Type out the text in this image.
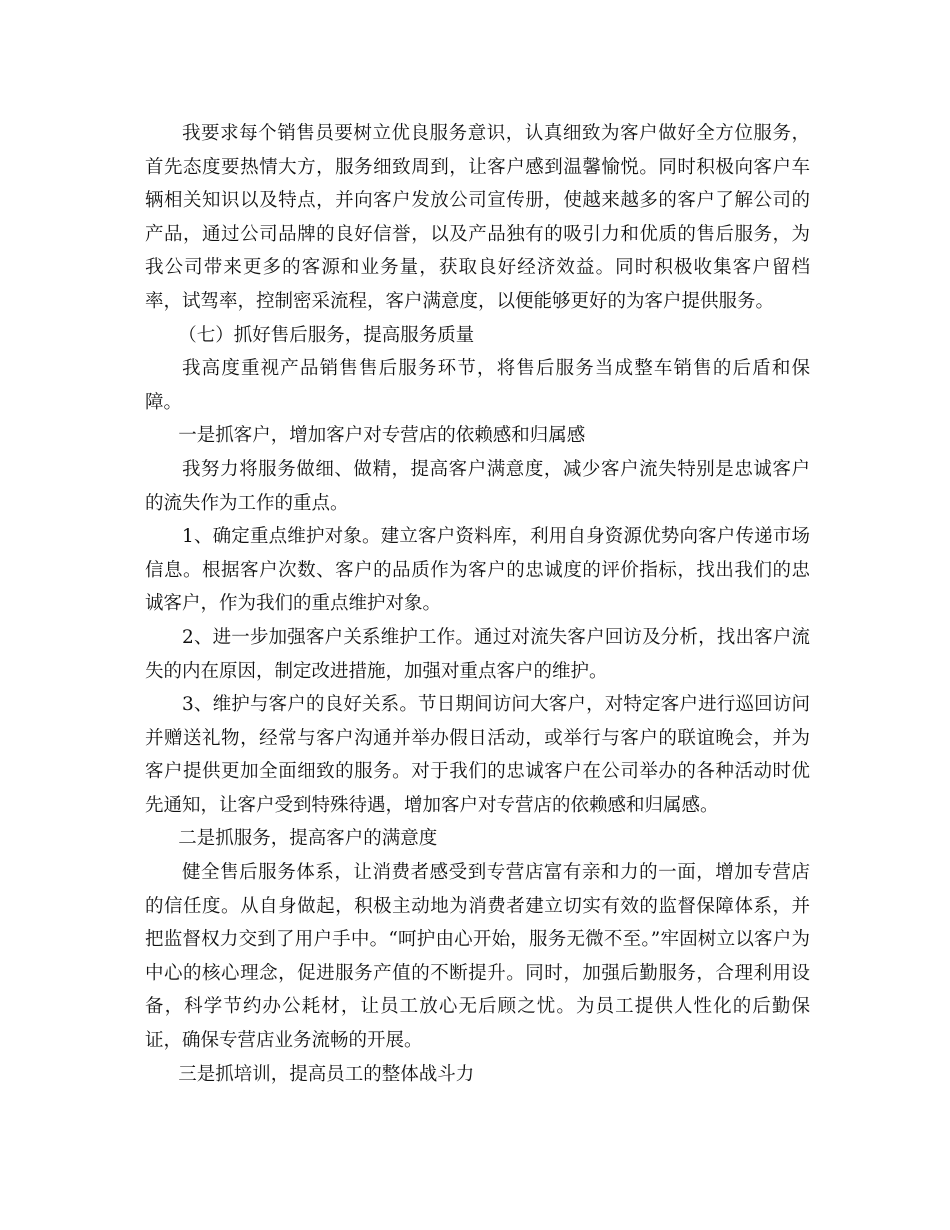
我要求每个销售员要树立优良服务意识，认真细致为客户做好全方位服务，首先态度要热情大方，服务细致周到，让客户感到温馨愉悦。同时积极向客户车辆相关知识以及特点，并向客户发放公司宣传册，使越来越多的客户了解公司的产品，通过公司品牌的良好信誉，以及产品独有的吸引力和优质的售后服务，为我公司带来更多的客源和业务量，获取良好经济效益。同时积极收集客户留档率，试驾率，控制密采流程，客户满意度，以便能够更好的为客户提供服务。

（七）抓好售后服务，提高服务质量

我高度重视产品销售售后服务环节，将售后服务当成整车销售的后盾和保障。

一是抓客户，增加客户对专营店的依赖感和归属感

我努力将服务做细、做精，提高客户满意度，减少客户流失特别是忠诚客户的流失作为工作的重点。

1、确定重点维护对象。建立客户资料库，利用自身资源优势向客户传递市场信息。根据客户次数、客户的品质作为客户的忠诚度的评价指标，找出我们的忠诚客户，作为我们的重点维护对象。

2、进一步加强客户关系维护工作。通过对流失客户回访及分析，找出客户流失的内在原因，制定改进措施，加强对重点客户的维护。

3、维护与客户的良好关系。节日期间访问大客户，对特定客户进行巡回访问并赠送礼物，经常与客户沟通并举办假日活动，或举行与客户的联谊晚会，并为客户提供更加全面细致的服务。对于我们的忠诚客户在公司举办的各种活动时优先通知，让客户受到特殊待遇，增加客户对专营店的依赖感和归属感。

二是抓服务，提高客户的满意度

健全售后服务体系，让消费者感受到专营店富有亲和力的一面，增加专营店的信任度。从自身做起，积极主动地为消费者建立切实有效的监督保障体系，并把监督权力交到了用户手中。“呵护由心开始，服务无微不至。”牢固树立以客户为中心的核心理念，促进服务产值的不断提升。同时，加强后勤服务，合理利用设备，科学节约办公耗材，让员工放心无后顾之忧。为员工提供人性化的后勤保证，确保专营店业务流畅的开展。

三是抓培训，提高员工的整体战斗力
